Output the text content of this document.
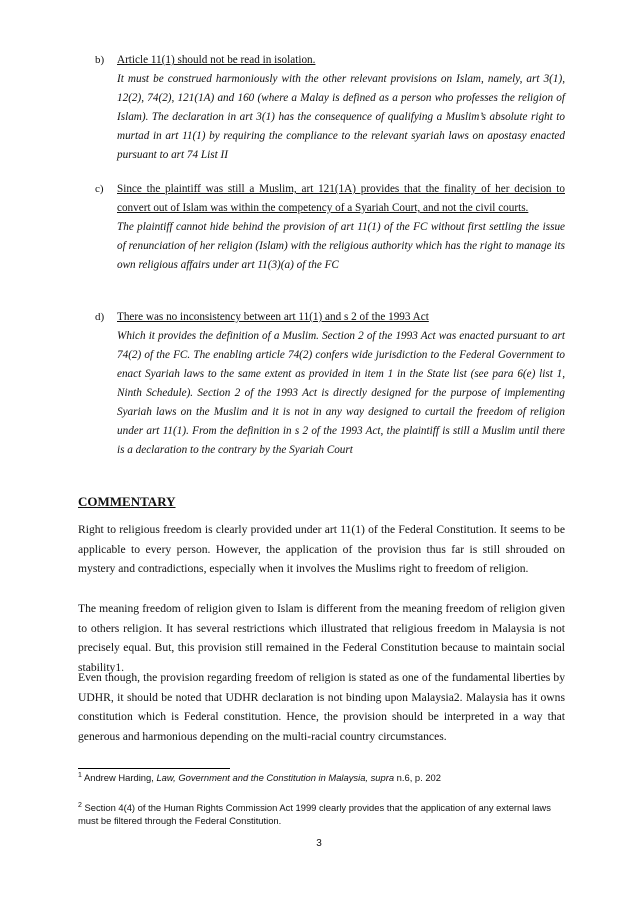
b) Article 11(1) should not be read in isolation.
It must be construed harmoniously with the other relevant provisions on Islam, namely, art 3(1), 12(2), 74(2), 121(1A) and 160 (where a Malay is defined as a person who professes the religion of Islam). The declaration in art 3(1) has the consequence of qualifying a Muslim’s absolute right to murtad in art 11(1) by requiring the compliance to the relevant syariah laws on apostasy enacted pursuant to art 74 List II
c) Since the plaintiff was still a Muslim, art 121(1A) provides that the finality of her decision to convert out of Islam was within the competency of a Syariah Court, and not the civil courts.
The plaintiff cannot hide behind the provision of art 11(1) of the FC without first settling the issue of renunciation of her religion (Islam) with the religious authority which has the right to manage its own religious affairs under art 11(3)(a) of the FC
d) There was no inconsistency between art 11(1) and s 2 of the 1993 Act
Which it provides the definition of a Muslim. Section 2 of the 1993 Act was enacted pursuant to art 74(2) of the FC. The enabling article 74(2) confers wide jurisdiction to the Federal Government to enact Syariah laws to the same extent as provided in item 1 in the State list (see para 6(e) list 1, Ninth Schedule). Section 2 of the 1993 Act is directly designed for the purpose of implementing Syariah laws on the Muslim and it is not in any way designed to curtail the freedom of religion under art 11(1). From the definition in s 2 of the 1993 Act, the plaintiff is still a Muslim until there is a declaration to the contrary by the Syariah Court
COMMENTARY

Right to religious freedom is clearly provided under art 11(1) of the Federal Constitution. It seems to be applicable to every person. However, the application of the provision thus far is still shrouded on mystery and contradictions, especially when it involves the Muslims right to freedom of religion.

The meaning freedom of religion given to Islam is different from the meaning freedom of religion given to others religion. It has several restrictions which illustrated that religious freedom in Malaysia is not precisely equal. But, this provision still remained in the Federal Constitution because to maintain social stability1.

Even though, the provision regarding freedom of religion is stated as one of the fundamental liberties by UDHR, it should be noted that UDHR declaration is not binding upon Malaysia2. Malaysia has it owns constitution which is Federal constitution. Hence, the provision should be interpreted in a way that generous and harmonious depending on the multi-racial country circumstances.

$^1$ Andrew Harding, Law, Government and the Constitution in Malaysia, supra n.6, p. 202

$^2$ Section 4(4) of the Human Rights Commission Act 1999 clearly provides that the application of any external laws must be filtered through the Federal Constitution.

3
